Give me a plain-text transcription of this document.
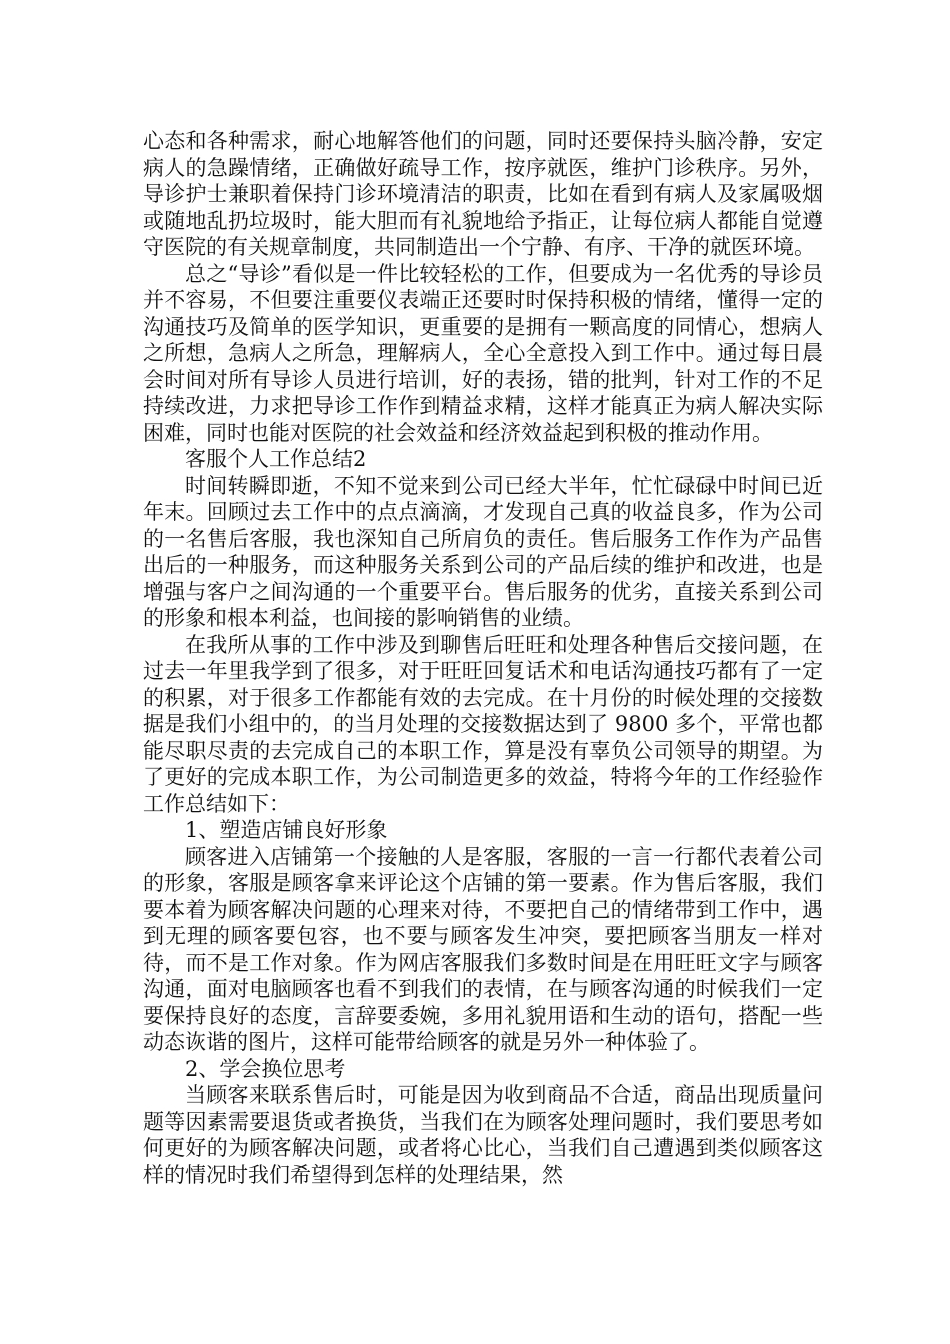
心态和各种需求，耐心地解答他们的问题，同时还要保持头脑冷静，安定病人的急躁情绪，正确做好疏导工作，按序就医，维护门诊秩序。另外，导诊护士兼职着保持门诊环境清洁的职责，比如在看到有病人及家属吸烟或随地乱扔垃圾时，能大胆而有礼貌地给予指正，让每位病人都能自觉遵守医院的有关规章制度，共同制造出一个宁静、有序、干净的就医环境。

总之“导诊”看似是一件比较轻松的工作，但要成为一名优秀的导诊员并不容易，不但要注重要仪表端正还要时时保持积极的情绪，懂得一定的沟通技巧及简单的医学知识，更重要的是拥有一颗高度的同情心，想病人之所想，急病人之所急，理解病人，全心全意投入到工作中。通过每日晨会时间对所有导诊人员进行培训，好的表扬，错的批判，针对工作的不足持续改进，力求把导诊工作作到精益求精，这样才能真正为病人解决实际困难，同时也能对医院的社会效益和经济效益起到积极的推动作用。

客服个人工作总结2

时间转瞬即逝，不知不觉来到公司已经大半年，忙忙碌碌中时间已近年末。回顾过去工作中的点点滴滴，才发现自己真的收益良多，作为公司的一名售后客服，我也深知自己所肩负的责任。售后服务工作作为产品售出后的一种服务，而这种服务关系到公司的产品后续的维护和改进，也是增强与客户之间沟通的一个重要平台。售后服务的优劣，直接关系到公司的形象和根本利益，也间接的影响销售的业绩。

在我所从事的工作中涉及到聊售后旺旺和处理各种售后交接问题，在过去一年里我学到了很多，对于旺旺回复话术和电话沟通技巧都有了一定的积累，对于很多工作都能有效的去完成。在十月份的时候处理的交接数据是我们小组中的，的当月处理的交接数据达到了 9800 多个，平常也都能尽职尽责的去完成自己的本职工作，算是没有辜负公司领导的期望。为了更好的完成本职工作，为公司制造更多的效益，特将今年的工作经验作工作总结如下：

1、塑造店铺良好形象

顾客进入店铺第一个接触的人是客服，客服的一言一行都代表着公司的形象，客服是顾客拿来评论这个店铺的第一要素。作为售后客服，我们要本着为顾客解决问题的心理来对待，不要把自己的情绪带到工作中，遇到无理的顾客要包容，也不要与顾客发生冲突，要把顾客当朋友一样对待，而不是工作对象。作为网店客服我们多数时间是在用旺旺文字与顾客沟通，面对电脑顾客也看不到我们的表情，在与顾客沟通的时候我们一定要保持良好的态度，言辞要委婉，多用礼貌用语和生动的语句，搭配一些动态诙谐的图片，这样可能带给顾客的就是另外一种体验了。

2、学会换位思考

当顾客来联系售后时，可能是因为收到商品不合适，商品出现质量问题等因素需要退货或者换货，当我们在为顾客处理问题时，我们要思考如何更好的为顾客解决问题，或者将心比心，当我们自己遭遇到类似顾客这样的情况时我们希望得到怎样的处理结果，然
